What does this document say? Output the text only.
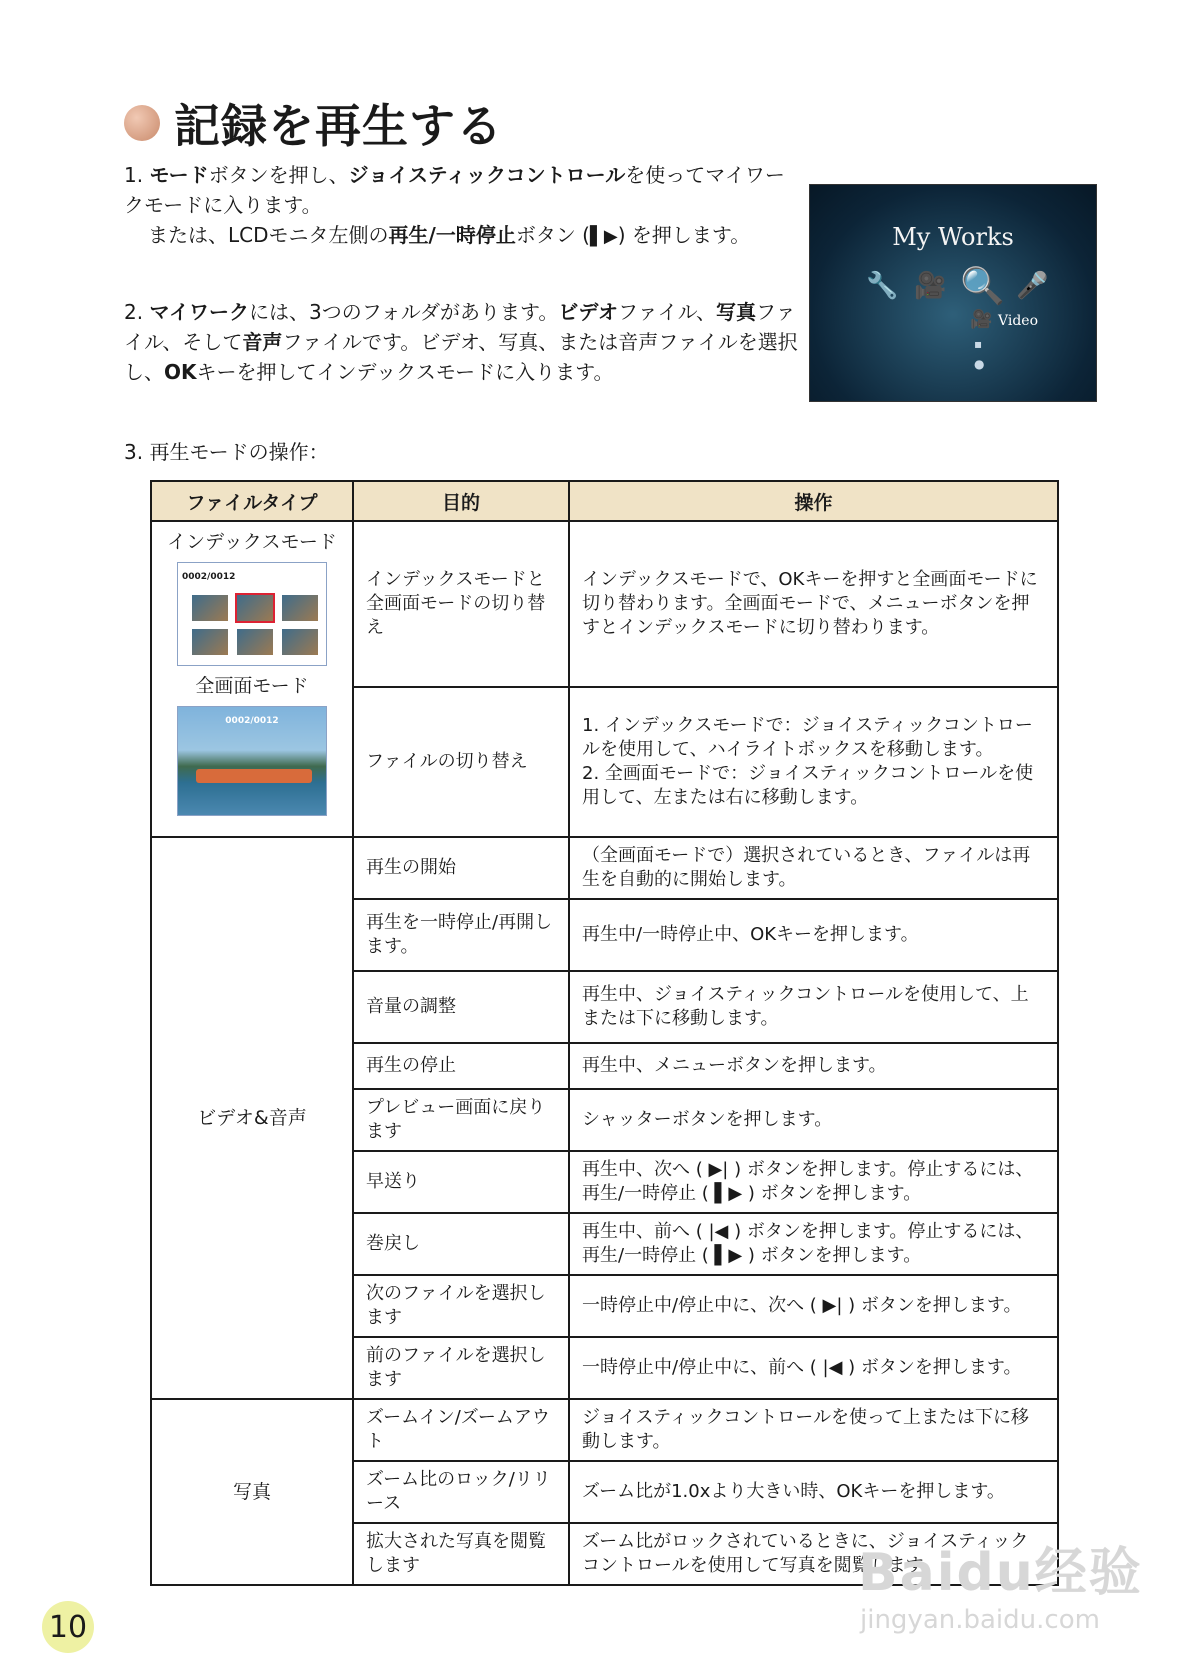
記録を再生する
1. モードボタンを押し、ジョイスティックコントロールを使ってマイワークモードに入ります。
または、LCDモニタ左側の再生/一時停止ボタン (▌▶) を押します。
2. マイワークには、3つのフォルダがあります。ビデオファイル、写真ファイル、そして音声ファイルです。ビデオ、写真、または音声ファイルを選択し、OKキーを押してインデックスモードに入ります。
3. 再生モードの操作：
My Works
🔧 🎥 🔍 🎤
🎥 Video
▪
●
ファイルタイプ	目的	操作

インデックスモード
0002/0012
全画面モード
0002/0012	インデックスモードと全画面モードの切り替え	インデックスモードで、OKキーを押すと全画面モードに切り替わります。全画面モードで、メニューボタンを押すとインデックスモードに切り替わります。
	ファイルの切り替え	1. インデックスモードで：ジョイスティックコントロールを使用して、ハイライトボックスを移動します。
2. 全画面モードで：ジョイスティックコントロールを使用して、左または右に移動します。
ビデオ&音声	再生の開始	（全画面モードで）選択されているとき、ファイルは再生を自動的に開始します。
	再生を一時停止/再開します。	再生中/一時停止中、OKキーを押します。
	音量の調整	再生中、ジョイスティックコントロールを使用して、上または下に移動します。
	再生の停止	再生中、メニューボタンを押します。
	プレビュー画面に戻ります	シャッターボタンを押します。
	早送り	再生中、次へ ( ▶| ) ボタンを押します。停止するには、再生/一時停止 ( ▌▶ ) ボタンを押します。
	巻戻し	再生中、前へ ( |◀ ) ボタンを押します。停止するには、再生/一時停止 ( ▌▶ ) ボタンを押します。
	次のファイルを選択します	一時停止中/停止中に、次へ ( ▶| ) ボタンを押します。
	前のファイルを選択します	一時停止中/停止中に、前へ ( |◀ ) ボタンを押します。
写真	ズームイン/ズームアウト	ジョイスティックコントロールを使って上または下に移動します。
	ズーム比のロック/リリース	ズーム比が1.0xより大きい時、OKキーを押します。
	拡大された写真を閲覧します	ズーム比がロックされているときに、ジョイスティックコントロールを使用して写真を閲覧します。
10
Baidu经验
jingyan.baidu.com
